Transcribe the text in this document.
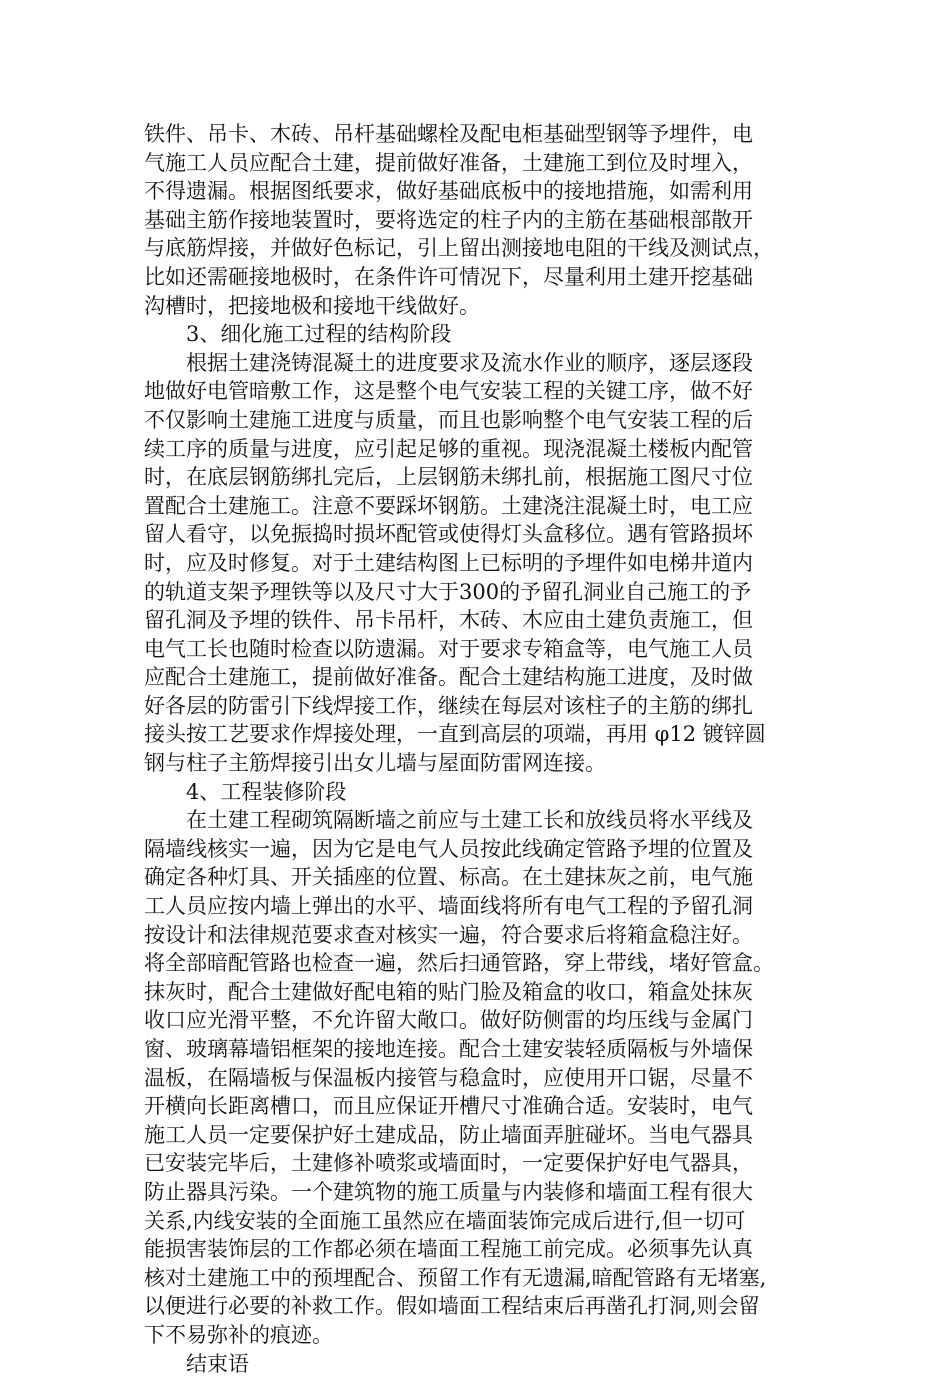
铁件、吊卡、木砖、吊杆基础螺栓及配电柜基础型钢等予埋件，电
气施工人员应配合土建，提前做好准备，土建施工到位及时埋入，
不得遗漏。根据图纸要求，做好基础底板中的接地措施，如需利用
基础主筋作接地装置时，要将选定的柱子内的主筋在基础根部散开
与底筋焊接，并做好色标记，引上留出测接地电阻的干线及测试点，
比如还需砸接地极时，在条件许可情况下，尽量利用土建开挖基础
沟槽时，把接地极和接地干线做好。
3、细化施工过程的结构阶段
根据土建浇铸混凝土的进度要求及流水作业的顺序，逐层逐段
地做好电管暗敷工作，这是整个电气安装工程的关键工序，做不好
不仅影响土建施工进度与质量，而且也影响整个电气安装工程的后
续工序的质量与进度，应引起足够的重视。现浇混凝土楼板内配管
时，在底层钢筋绑扎完后，上层钢筋未绑扎前，根据施工图尺寸位
置配合土建施工。注意不要踩坏钢筋。土建浇注混凝土时，电工应
留人看守，以免振捣时损坏配管或使得灯头盒移位。遇有管路损坏
时，应及时修复。对于土建结构图上已标明的予埋件如电梯井道内
的轨道支架予理铁等以及尺寸大于300的予留孔洞业自己施工的予
留孔洞及予埋的铁件、吊卡吊杆，木砖、木应由土建负责施工，但
电气工长也随时检查以防遗漏。对于要求专箱盒等，电气施工人员
应配合土建施工，提前做好准备。配合土建结构施工进度，及时做
好各层的防雷引下线焊接工作，继续在每层对该柱子的主筋的绑扎
接头按工艺要求作焊接处理，一直到高层的项端，再用 φ12 镀锌圆
钢与柱子主筋焊接引出女儿墙与屋面防雷网连接。
4、工程装修阶段
在土建工程砌筑隔断墙之前应与土建工长和放线员将水平线及
隔墙线核实一遍，因为它是电气人员按此线确定管路予埋的位置及
确定各种灯具、开关插座的位置、标高。在土建抹灰之前，电气施
工人员应按内墙上弹出的水平、墙面线将所有电气工程的予留孔洞
按设计和法律规范要求查对核实一遍，符合要求后将箱盒稳注好。
将全部暗配管路也检查一遍，然后扫通管路，穿上带线，堵好管盒。
抹灰时，配合土建做好配电箱的贴门脸及箱盒的收口，箱盒处抹灰
收口应光滑平整，不允许留大敞口。做好防侧雷的均压线与金属门
窗、玻璃幕墙铝框架的接地连接。配合土建安装轻质隔板与外墙保
温板，在隔墙板与保温板内接管与稳盒时，应使用开口锯，尽量不
开横向长距离槽口，而且应保证开槽尺寸准确合适。安装时，电气
施工人员一定要保护好土建成品，防止墙面弄脏碰坏。当电气器具
已安装完毕后，土建修补喷浆或墙面时，一定要保护好电气器具，
防止器具污染。一个建筑物的施工质量与内装修和墙面工程有很大
关系,内线安装的全面施工虽然应在墙面装饰完成后进行,但一切可
能损害装饰层的工作都必须在墙面工程施工前完成。必须事先认真
核对土建施工中的预埋配合、预留工作有无遗漏,暗配管路有无堵塞,
以便进行必要的补救工作。假如墙面工程结束后再凿孔打洞,则会留
下不易弥补的痕迹。
结束语
